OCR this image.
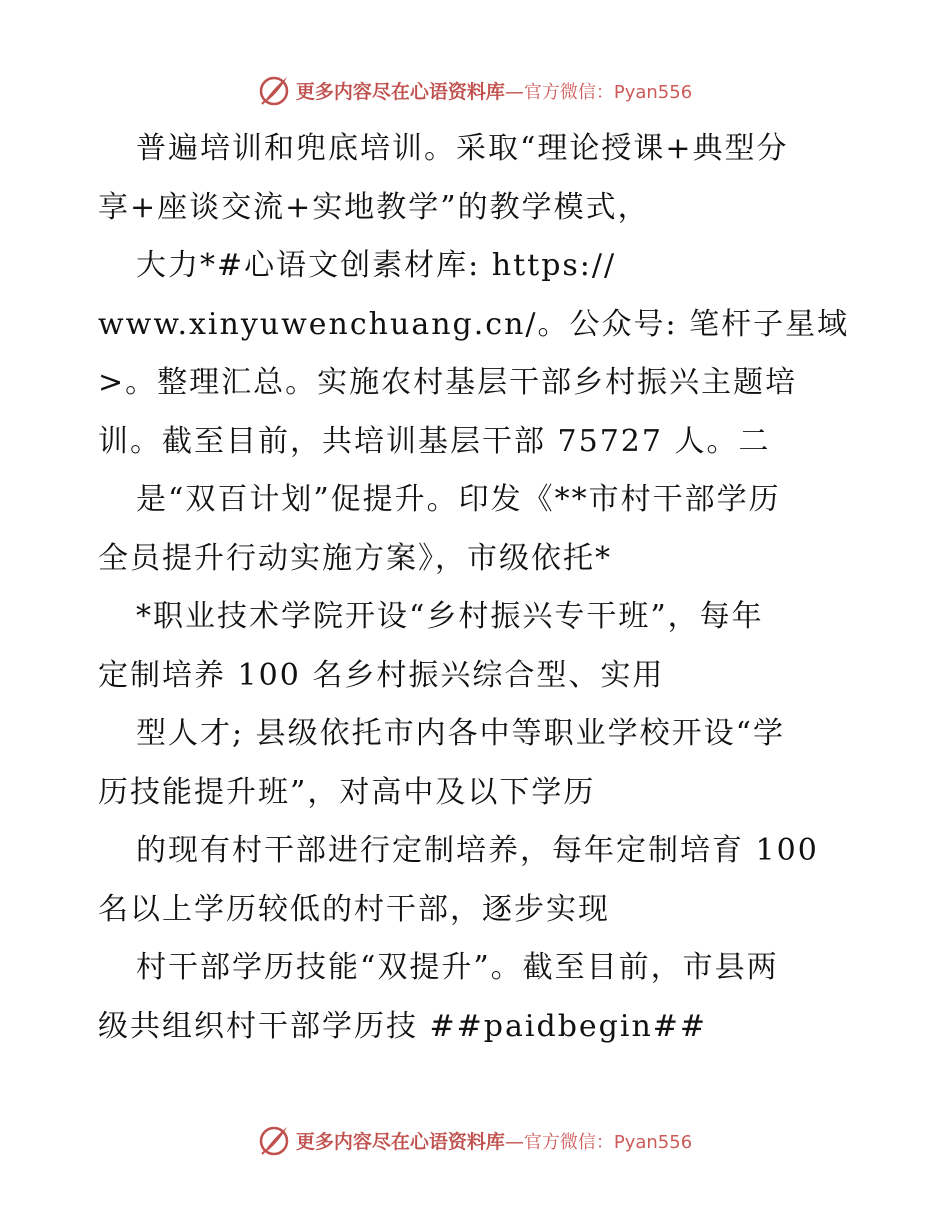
更多内容尽在心语资料库 — 官方微信：Pyan556
普遍培训和兜底培训。采取“理论授课+典型分
享+座谈交流+实地教学”的教学模式，
大力*#心语文创素材库: https://
www.xinyuwenchuang.cn/。公众号: 笔杆子星域
>。整理汇总。实施农村基层干部乡村振兴主题培
训。截至目前，共培训基层干部 75727 人。二
是“双百计划”促提升。印发《**市村干部学历
全员提升行动实施方案》，市级依托*
*职业技术学院开设“乡村振兴专干班”，每年
定制培养 100 名乡村振兴综合型、实用
型人才; 县级依托市内各中等职业学校开设“学
历技能提升班”，对高中及以下学历
的现有村干部进行定制培养，每年定制培育 100
名以上学历较低的村干部，逐步实现
村干部学历技能“双提升”。截至目前，市县两
级共组织村干部学历技 ##paidbegin##
更多内容尽在心语资料库 — 官方微信：Pyan556
